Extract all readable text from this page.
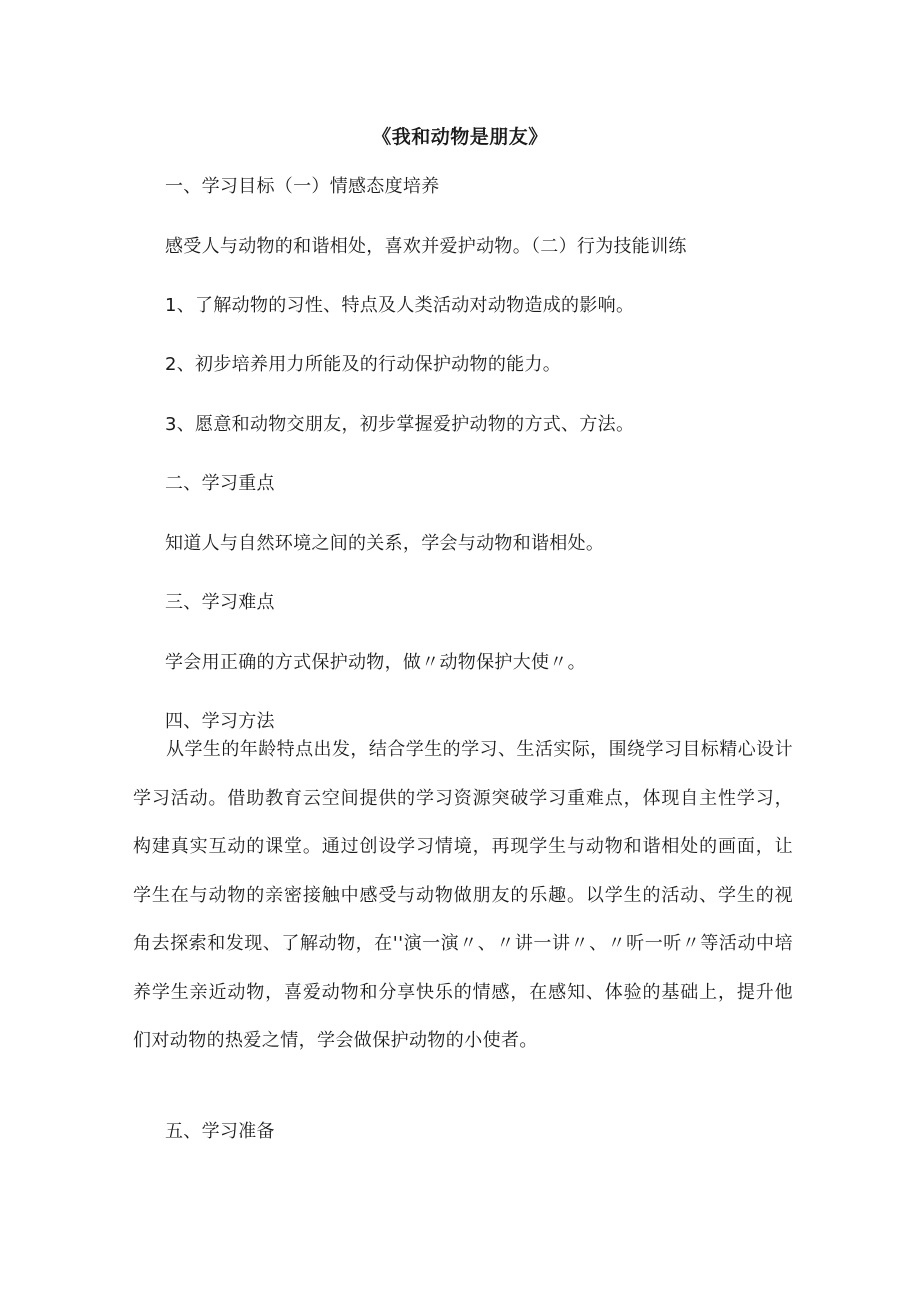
《我和动物是朋友》
一、学习目标（一）情感态度培养
感受人与动物的和谐相处，喜欢并爱护动物。（二）行为技能训练
1、了解动物的习性、特点及人类活动对动物造成的影响。
2、初步培养用力所能及的行动保护动物的能力。
3、愿意和动物交朋友，初步掌握爱护动物的方式、方法。
二、学习重点
知道人与自然环境之间的关系，学会与动物和谐相处。
三、学习难点
学会用正确的方式保护动物，做〃动物保护大使〃。
四、学习方法
从学生的年龄特点出发，结合学生的学习、生活实际，围绕学习目标精心设计学习活动。借助教育云空间提供的学习资源突破学习重难点，体现自主性学习，构建真实互动的课堂。通过创设学习情境，再现学生与动物和谐相处的画面，让学生在与动物的亲密接触中感受与动物做朋友的乐趣。以学生的活动、学生的视角去探索和发现、了解动物，在''演一演〃、〃讲一讲〃、〃听一听〃等活动中培养学生亲近动物，喜爱动物和分享快乐的情感，在感知、体验的基础上，提升他们对动物的热爱之情，学会做保护动物的小使者。
五、学习准备
